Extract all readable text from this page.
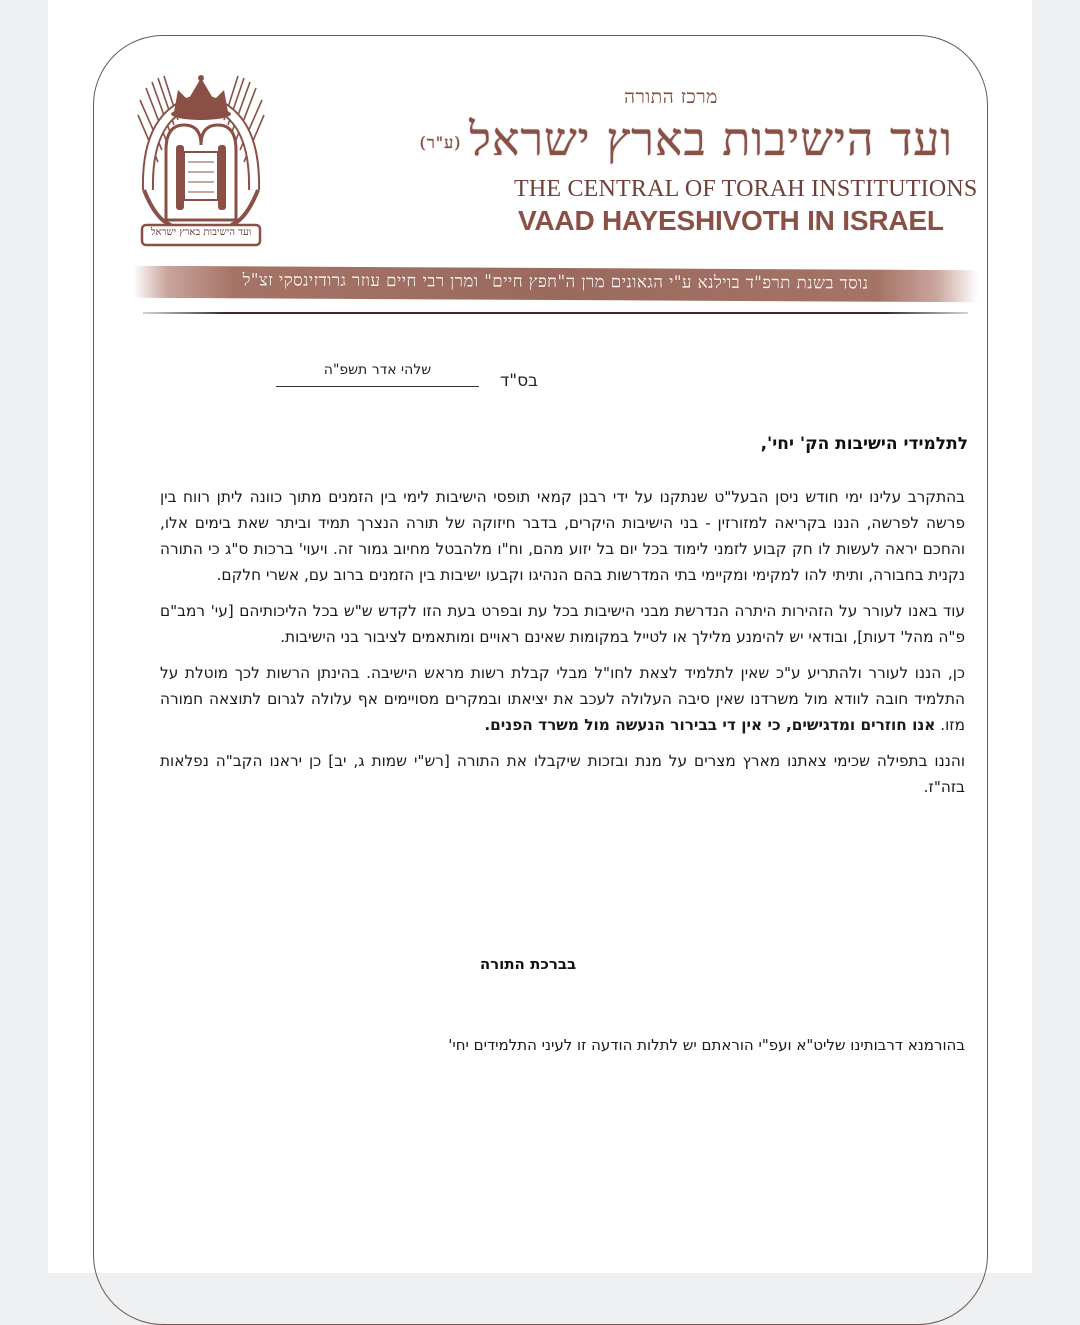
ועד הישיבות בארץ ישראל
מרכז התורה
ועד הישיבות בארץ ישראל(ע"ר)
THE CENTRAL OF TORAH INSTITUTIONS
VAAD HAYESHIVOTH IN ISRAEL
נוסד בשנת תרפ"ד בוילנא ע"י הגאונים מרן ה"חפץ חיים" ומרן רבי חיים עוזר גרודזינסקי זצ"ל
בס"ד
שלהי אדר תשפ"ה
לתלמידי הישיבות הק' יחי',

בהתקרב עלינו ימי חודש ניסן הבעל"ט שנתקנו על ידי רבנן קמאי תופסי הישיבות לימי בין הזמנים מתוך כוונה ליתן רווח בין פרשה לפרשה, הננו בקריאה למזורזין - בני הישיבות היקרים, בדבר חיזוקה של תורה הנצרך תמיד וביתר שאת בימים אלו, והחכם יראה לעשות לו חק קבוע לזמני לימוד בכל יום בל יזוע מהם, וח"ו מלהבטל מחיוב גמור זה. ויעוי' ברכות ס"ג כי התורה נקנית בחבורה, ותיתי להו למקימי ומקיימי בתי המדרשות בהם הנהיגו וקבעו ישיבות בין הזמנים ברוב עם, אשרי חלקם.

עוד באנו לעורר על הזהירות היתרה הנדרשת מבני הישיבות בכל עת ובפרט בעת הזו לקדש ש"ש בכל הליכותיהם [עי' רמב"ם פ"ה מהל' דעות], ובודאי יש להימנע מלילך או לטייל במקומות שאינם ראויים ומותאמים לציבור בני הישיבות.

כן, הננו לעורר ולהתריע ע"כ שאין לתלמיד לצאת לחו"ל מבלי קבלת רשות מראש הישיבה. בהינתן הרשות לכך מוטלת על התלמיד חובה לוודא מול משרדנו שאין סיבה העלולה לעכב את יציאתו ובמקרים מסויימים אף עלולה לגרום לתוצאה חמורה מזו. אנו חוזרים ומדגישים, כי אין די בבירור הנעשה מול משרד הפנים.

והננו בתפילה שכימי צאתנו מארץ מצרים על מנת ובזכות שיקבלו את התורה [רש"י שמות ג, יב] כן יראנו הקב"ה נפלאות בזה"ז.

בברכת התורה
בהורמנא דרבותינו שליט"א ועפ"י הוראתם יש לתלות הודעה זו לעיני התלמידים יחי'
